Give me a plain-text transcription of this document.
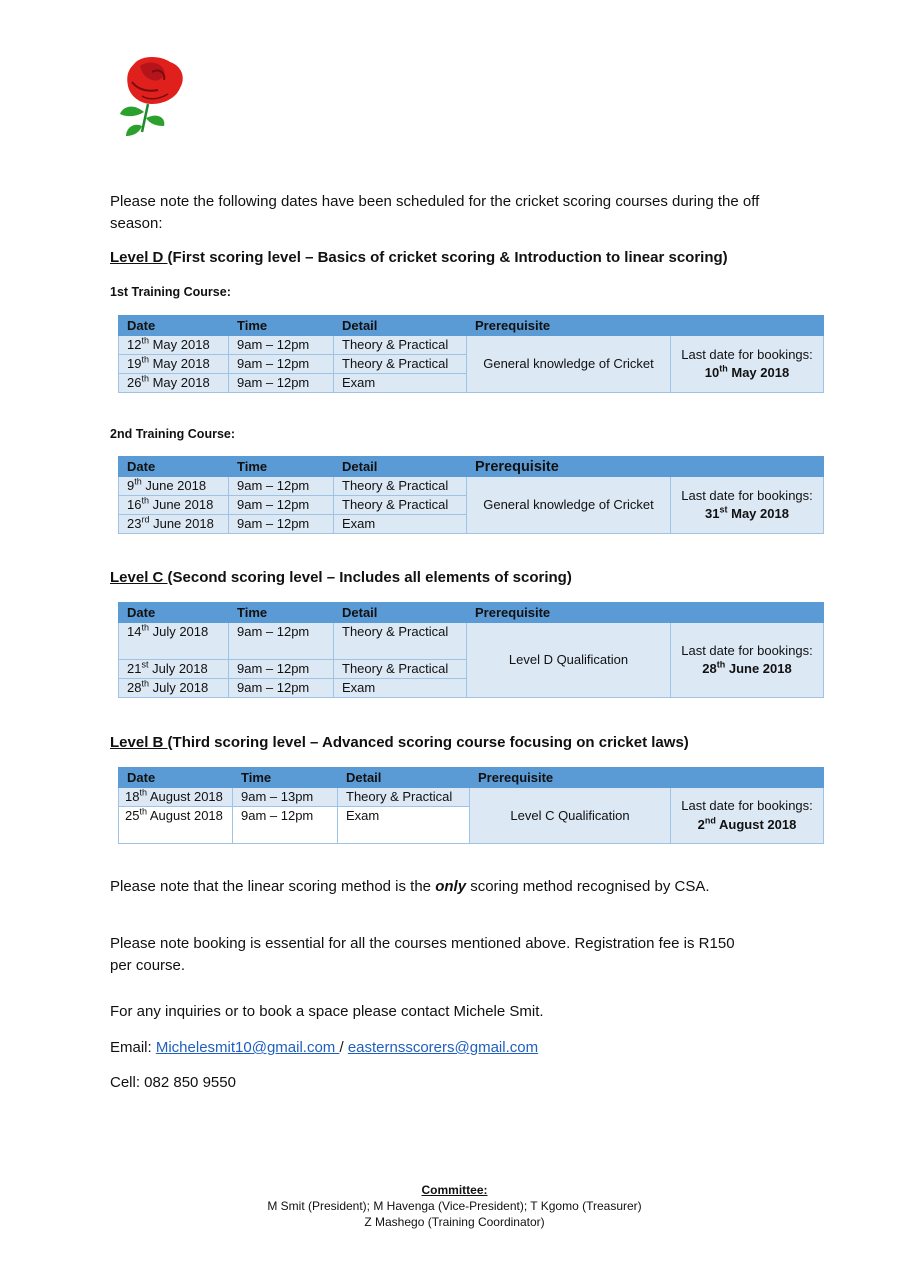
Please note the following dates have been scheduled for the cricket scoring courses during the off season:
Level D (First scoring level – Basics of cricket scoring & Introduction to linear scoring)
1st Training Course:
Date	Time	Detail	Prerequisite	
12th May 2018	9am – 12pm	Theory & Practical	General knowledge of Cricket	Last date for bookings:
10th May 2018
19th May 2018	9am – 12pm	Theory & Practical		
26th May 2018	9am – 12pm	Exam		
2nd Training Course:
Date	Time	Detail	Prerequisite	
9th June 2018	9am – 12pm	Theory & Practical	General knowledge of Cricket	Last date for bookings:
31st May 2018
16th June 2018	9am – 12pm	Theory & Practical		
23rd June 2018	9am – 12pm	Exam		
Level C (Second scoring level – Includes all elements of scoring)
Date	Time	Detail	Prerequisite	
14th July 2018	9am – 12pm	Theory & Practical	Level D Qualification	Last date for bookings:
28th June 2018
21st July 2018	9am – 12pm	Theory & Practical		
28th July 2018	9am – 12pm	Exam		
Level B (Third scoring level – Advanced scoring course focusing on cricket laws)
Date	Time	Detail	Prerequisite	
18th August 2018	9am – 13pm	Theory & Practical	Level C Qualification	Last date for bookings:
2nd August 2018
25th August 2018	9am – 12pm	Exam		
Please note that the linear scoring method is the only scoring method recognised by CSA.
Please note booking is essential for all the courses mentioned above. Registration fee is R150 per course.
For any inquiries or to book a space please contact Michele Smit.
Email: Michelesmit10@gmail.com / easternsscorers@gmail.com
Cell: 082 850 9550
Committee:
M Smit (President); M Havenga (Vice-President); T Kgomo (Treasurer)
Z Mashego (Training Coordinator)
